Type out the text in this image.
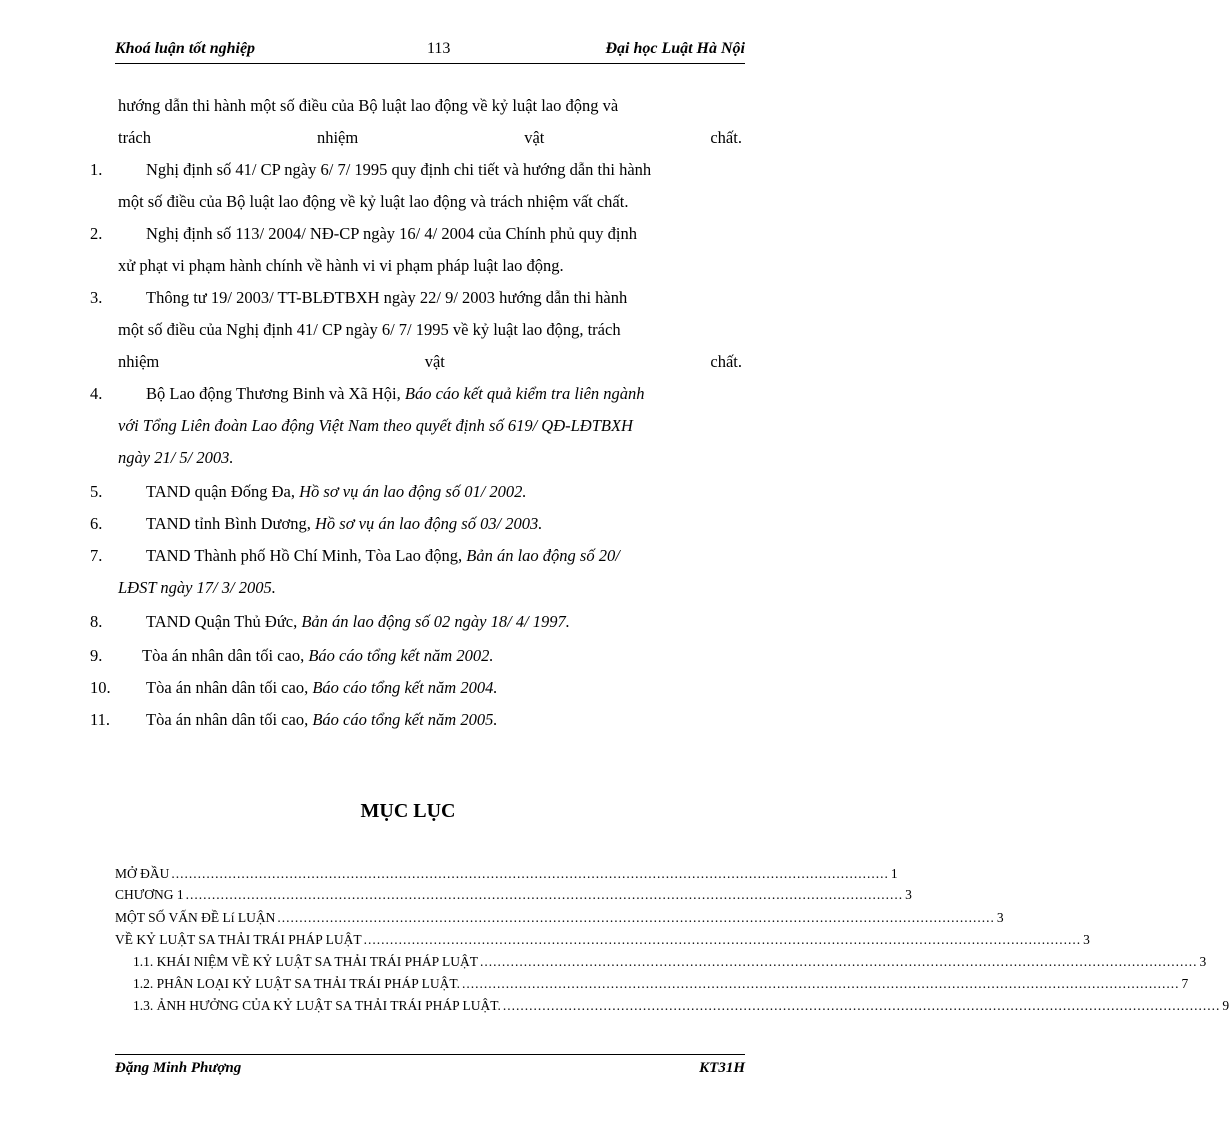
Khoá luận tốt nghiệp	113	Đại học Luật Hà Nội
hướng dẫn thi hành một số điều của Bộ luật lao động về kỷ luật lao động và
trách	nhiệm	vật	chất.
1.	Nghị định số 41/ CP ngày 6/ 7/ 1995 quy định chi tiết và hướng dẫn thi hành
một số điều của Bộ luật lao động về kỷ luật lao động và trách nhiệm vất chất.
2.	Nghị định số 113/ 2004/ NĐ-CP ngày 16/ 4/ 2004 của Chính phủ quy định
xử phạt vi phạm hành chính về hành vi vi phạm pháp luật lao động.
3.	Thông tư 19/ 2003/ TT-BLĐTBXH ngày 22/ 9/ 2003 hướng dẫn thi hành
một số điều của Nghị định 41/ CP ngày 6/ 7/ 1995 về kỷ luật lao động, trách
nhiệm	vật	chất.
4.	Bộ Lao động Thương Binh và Xã Hội, Báo cáo kết quả kiểm tra liên ngành
với Tổng Liên đoàn Lao động Việt Nam theo quyết định số 619/ QĐ-LĐTBXH
ngày 21/ 5/ 2003.
5.	TAND quận Đống Đa, Hồ sơ vụ án lao động số 01/ 2002.
6.	TAND tỉnh Bình Dương, Hồ sơ vụ án lao động số 03/ 2003.
7.	TAND Thành phố Hồ Chí Minh, Tòa Lao động, Bản án lao động số 20/
LĐST ngày 17/ 3/ 2005.
8.	TAND Quận Thủ Đức, Bản án lao động số 02 ngày 18/ 4/ 1997.
9. Tòa án nhân dân tối cao, Báo cáo tổng kết năm 2002.
10. Tòa án nhân dân tối cao, Báo cáo tổng kết năm 2004.
11. Tòa án nhân dân tối cao, Báo cáo tổng kết năm 2005.
MỤC LỤC
MỞ ĐẦU .................................................................................................................................................................... 1
CHƯƠNG 1 .................................................................................................................................................................... 3
MỘT SỐ VẤN ĐỀ Lí LUẬN .................................................................................................................................................................... 3
VỀ KỶ LUẬT SA THẢI TRÁI PHÁP LUẬT .................................................................................................................................................................... 3
1.1. KHÁI NIỆM VỀ KỶ LUẬT SA THẢI TRÁI PHÁP LUẬT .................................................................................................................................................................... 3
1.2. PHÂN LOẠI KỶ LUẬT SA THẢI TRÁI PHÁP LUẬT. .................................................................................................................................................................... 7
1.3. ẢNH HƯỞNG CỦA KỶ LUẬT SA THẢI TRÁI PHÁP LUẬT. .................................................................................................................................................................... 9
Đặng Minh Phượng	KT31H
